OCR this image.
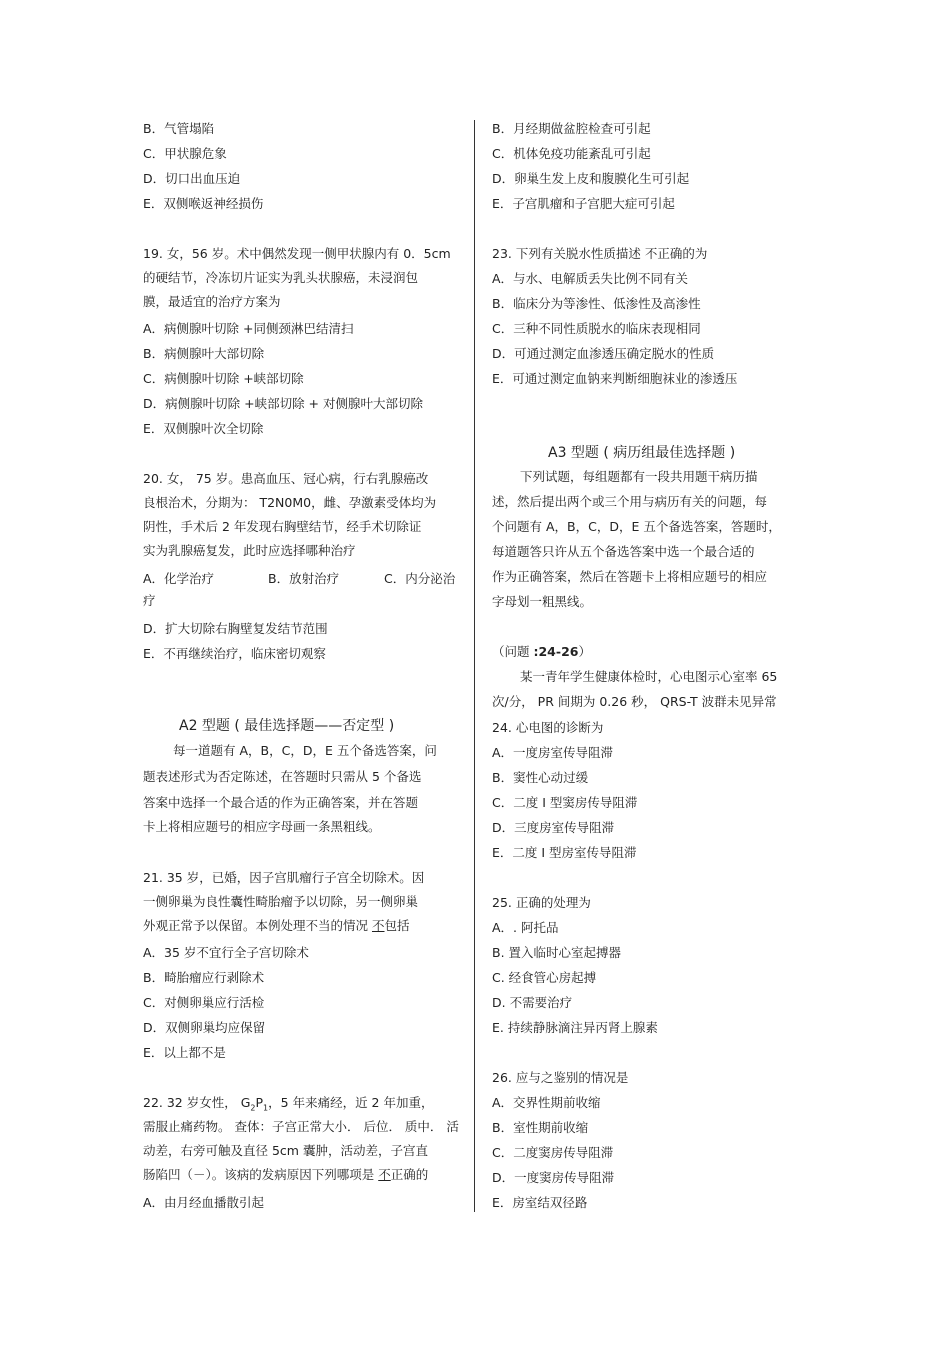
B．气管塌陷
C．甲状腺危象
D．切口出血压迫
E．双侧喉返神经损伤
19. 女，56 岁。术中偶然发现一侧甲状腺内有 0．5cm
的硬结节，冷冻切片证实为乳头状腺癌，未浸润包
膜，最适宜的治疗方案为
A．病侧腺叶切除 +同侧颈淋巴结清扫
B．病侧腺叶大部切除
C．病侧腺叶切除 +峡部切除
D．病侧腺叶切除 +峡部切除 + 对侧腺叶大部切除
E．双侧腺叶次全切除
20. 女， 75 岁。患高血压、冠心病，行右乳腺癌改
良根治术，分期为： T2N0M0，雌、孕激素受体均为
阴性，手术后 2 年发现右胸壁结节，经手术切除证
实为乳腺癌复发，此时应选择哪种治疗
A．化学治疗	B．放射治疗	C．内分泌治
疗
D．扩大切除右胸壁复发结节范围
E．不再继续治疗，临床密切观察
A2 型题 ( 最佳选择题——否定型 )
每一道题有 A，B，C，D，E 五个备选答案，问
题表述形式为否定陈述，在答题时只需从 5 个备选
答案中选择一个最合适的作为正确答案，并在答题
卡上将相应题号的相应字母画一条黑粗线。
21. 35 岁，已婚，因子宫肌瘤行子宫全切除术。因
一侧卵巢为良性囊性畸胎瘤予以切除，另一侧卵巢
外观正常予以保留。本例处理不当的情况 不包括
A．35 岁不宜行全子宫切除术
B．畸胎瘤应行剥除术
C．对侧卵巢应行活检
D．双侧卵巢均应保留
E．以上都不是
22. 32 岁女性， $G_2P_1$，5 年来痛经，近 2 年加重，
需服止痛药物。 查体：子宫正常大小． 后位． 质中． 活
动差，右旁可触及直径 5cm 囊肿，活动差，子宫直
肠陷凹（－）。该病的发病原因下列哪项是 不正确的
A．由月经血播散引起
B．月经期做盆腔检查可引起
C．机体免疫功能紊乱可引起
D．卵巢生发上皮和腹膜化生可引起
E．子宫肌瘤和子宫肥大症可引起
23. 下列有关脱水性质描述 不正确的为
A．与水、电解质丢失比例不同有关
B．临床分为等渗性、低渗性及高渗性
C．三种不同性质脱水的临床表现相同
D．可通过测定血渗透压确定脱水的性质
E．可通过测定血钠来判断细胞袜业的渗透压
A3 型题 ( 病历组最佳选择题 )
下列试题，每组题都有一段共用题干病历描
述，然后提出两个或三个用与病历有关的问题，每
个问题有 A，B，C，D，E 五个备选答案，答题时，
每道题答只许从五个备选答案中选一个最合适的
作为正确答案，然后在答题卡上将相应题号的相应
字母划一粗黑线。
（问题 :24-26）
某一青年学生健康体检时，心电图示心室率 65
次/分， PR 间期为 0.26 秒， QRS-T 波群未见异常
24. 心电图的诊断为
A．一度房室传导阻滞
B．窦性心动过缓
C．二度 Ⅰ 型窦房传导阻滞
D．三度房室传导阻滞
E．二度 Ⅰ 型房室传导阻滞
25. 正确的处理为
A．. 阿托品
B. 置入临时心室起搏器
C. 经食管心房起搏
D. 不需要治疗
E. 持续静脉滴注异丙肾上腺素
26. 应与之鉴别的情况是
A．交界性期前收缩
B．室性期前收缩
C．二度窦房传导阻滞
D．一度窦房传导阻滞
E．房室结双径路
